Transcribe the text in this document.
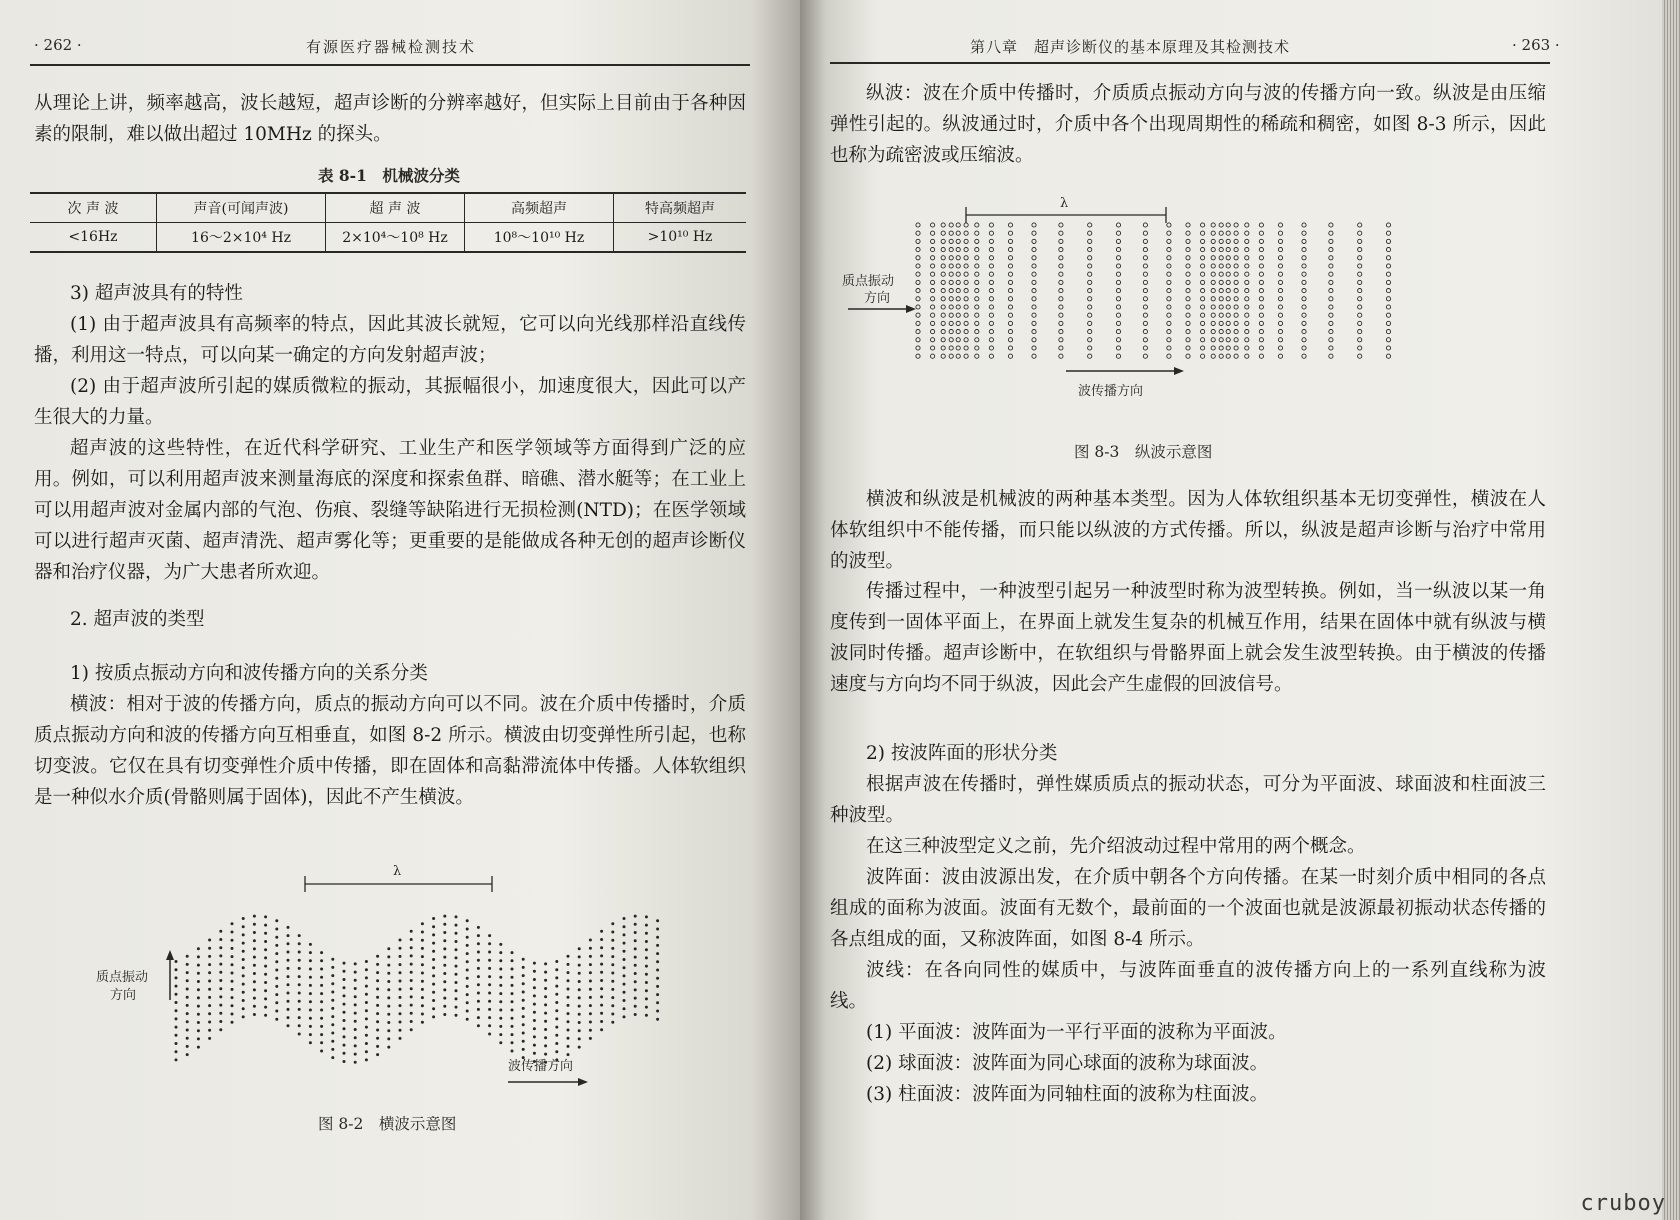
· 262 ·	有源医疗器械检测技术

从理论上讲，频率越高，波长越短，超声诊断的分辨率越好，但实际上目前由于各种因素的限制，难以做出超过 10MHz 的探头。

表 8-1　机械波分类
次 声 波	声音(可闻声波)	超 声 波	高频超声	特高频超声
<16Hz	16～2×10⁴ Hz	2×10⁴～10⁸ Hz	10⁸～10¹⁰ Hz	>10¹⁰ Hz
3) 超声波具有的特性

(1) 由于超声波具有高频率的特点，因此其波长就短，它可以向光线那样沿直线传播，利用这一特点，可以向某一确定的方向发射超声波；

(2) 由于超声波所引起的媒质微粒的振动，其振幅很小，加速度很大，因此可以产生很大的力量。

超声波的这些特性，在近代科学研究、工业生产和医学领域等方面得到广泛的应用。例如，可以利用超声波来测量海底的深度和探索鱼群、暗礁、潜水艇等；在工业上可以用超声波对金属内部的气泡、伤痕、裂缝等缺陷进行无损检测(NTD)；在医学领域可以进行超声灭菌、超声清洗、超声雾化等；更重要的是能做成各种无创的超声诊断仪器和治疗仪器，为广大患者所欢迎。

2. 超声波的类型
1) 按质点振动方向和波传播方向的关系分类

横波：相对于波的传播方向，质点的振动方向可以不同。波在介质中传播时，介质质点振动方向和波的传播方向互相垂直，如图 8-2 所示。横波由切变弹性所引起，也称切变波。它仅在具有切变弹性介质中传播，即在固体和高黏滞流体中传播。人体软组织是一种似水介质(骨骼则属于固体)，因此不产生横波。

λ
质点振动
方向
波传播方向
图 8-2　横波示意图
第八章　超声诊断仪的基本原理及其检测技术	· 263 ·

纵波：波在介质中传播时，介质质点振动方向与波的传播方向一致。纵波是由压缩弹性引起的。纵波通过时，介质中各个出现周期性的稀疏和稠密，如图 8-3 所示，因此也称为疏密波或压缩波。

λ
质点振动
方向
波传播方向
图 8-3　纵波示意图

横波和纵波是机械波的两种基本类型。因为人体软组织基本无切变弹性，横波在人体软组织中不能传播，而只能以纵波的方式传播。所以，纵波是超声诊断与治疗中常用的波型。

传播过程中，一种波型引起另一种波型时称为波型转换。例如，当一纵波以某一角度传到一固体平面上，在界面上就发生复杂的机械互作用，结果在固体中就有纵波与横波同时传播。超声诊断中，在软组织与骨骼界面上就会发生波型转换。由于横波的传播速度与方向均不同于纵波，因此会产生虚假的回波信号。

2) 按波阵面的形状分类

根据声波在传播时，弹性媒质质点的振动状态，可分为平面波、球面波和柱面波三种波型。

在这三种波型定义之前，先介绍波动过程中常用的两个概念。

波阵面：波由波源出发，在介质中朝各个方向传播。在某一时刻介质中相同的各点组成的面称为波面。波面有无数个，最前面的一个波面也就是波源最初振动状态传播的各点组成的面，又称波阵面，如图 8-4 所示。

波线：在各向同性的媒质中，与波阵面垂直的波传播方向上的一系列直线称为波线。

(1) 平面波：波阵面为一平行平面的波称为平面波。

(2) 球面波：波阵面为同心球面的波称为球面波。

(3) 柱面波：波阵面为同轴柱面的波称为柱面波。

cruboy
